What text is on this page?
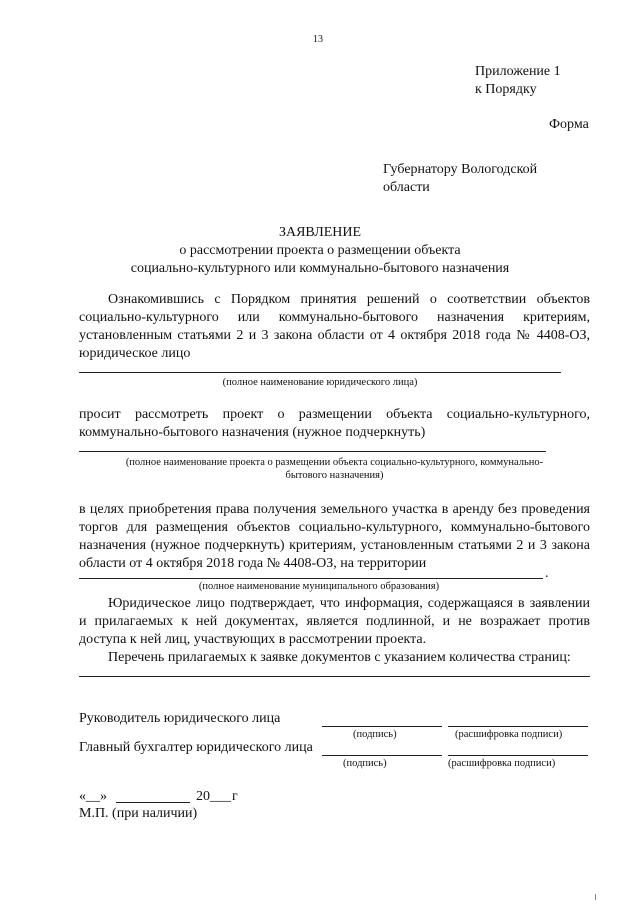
13
Приложение 1
к Порядку
Форма
Губернатору Вологодской
области
ЗАЯВЛЕНИЕ
о рассмотрении проекта о размещении объекта
социально-культурного или коммунально-бытового назначения
Ознакомившись с Порядком принятия решений о соответствии объектов
социально-культурного или коммунально-бытового назначения критериям,
установленным статьями 2 и 3 закона области от 4 октября 2018 года № 4408-ОЗ,
юридическое лицо
(полное наименование юридического лица)
просит рассмотреть проект о размещении объекта социально-культурного,
коммунально-бытового назначения (нужное подчеркнуть)
(полное наименование проекта о размещении объекта социально-культурного, коммунально-
бытового назначения)
в целях приобретения права получения земельного участка в аренду без проведения
торгов для размещения объектов социально-культурного, коммунально-бытового
назначения (нужное подчеркнуть) критериям, установленным статьями 2 и 3 закона
области от 4 октября 2018 года № 4408-ОЗ, на территории
.
(полное наименование муниципального образования)
Юридическое лицо подтверждает, что информация, содержащаяся в заявлении
и прилагаемых к ней документах, является подлинной, и не возражает против
доступа к ней лиц, участвующих в рассмотрении проекта.
Перечень прилагаемых к заявке документов с указанием количества страниц:
Руководитель юридического лица
(подпись)	(расшифровка подписи)
Главный бухгалтер юридического лица
(подпись)	(расшифровка подписи)
«__»	20___ г
М.П. (при наличии)
